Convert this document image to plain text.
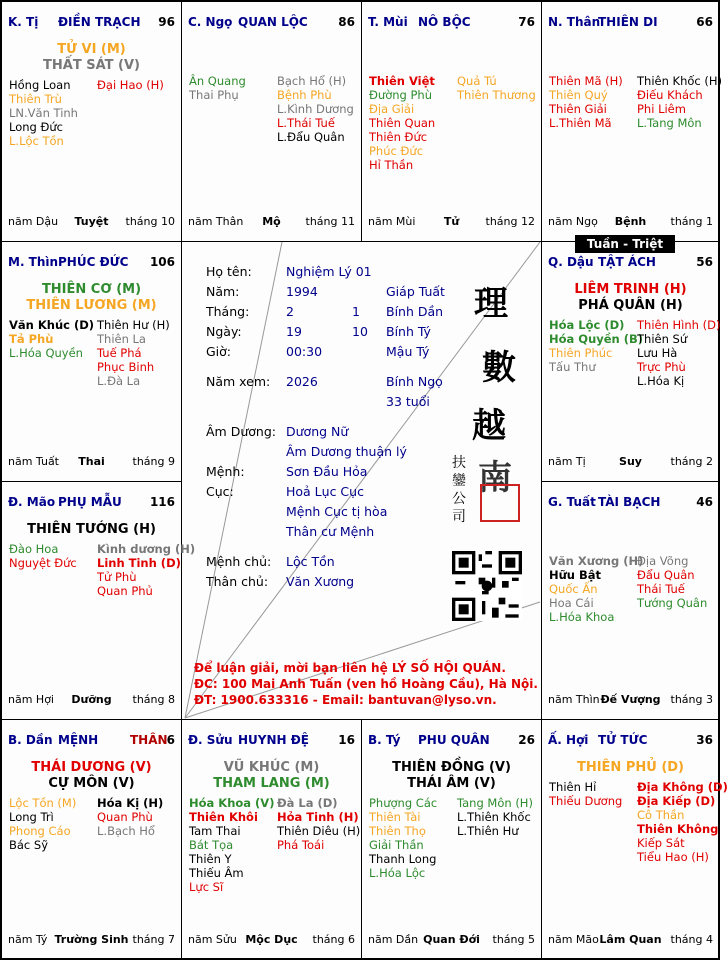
K. Tị ĐIỀN TRẠCH 96
TỬ VI (M)
THẤT SÁT (V)
Hồng Loan
Thiên Trù
LN.Văn Tinh
Long Đức
L.Lộc Tồn
Đại Hao (H)
năm Dậu	Tuyệt	tháng 10
C. Ngọ QUAN LỘC	86
Ân Quang
Thai Phụ
Bạch Hổ (H)
Bệnh Phù
L.Kình Dương
L.Thái Tuế
L.Đẩu Quân
năm Thân	Mộ	tháng 11
T. Mùi NÔ BỘC	76
Thiên Việt
Đường Phù
Địa Giải
Thiên Quan
Thiên Đức
Phúc Đức
Hỉ Thần
Quả Tú
Thiên Thương
năm Mùi	Tử	tháng 12
N. Thân
THIÊN DI	66
Thiên Mã (H)
Thiên Quý
Thiên Giải
L.Thiên Mã
Thiên Khốc (H)
Điếu Khách
Phi Liêm
L.Tang Môn
năm Ngọ	Bệnh	tháng 1
M. Thìn PHÚC ĐỨC 106
THIÊN CƠ (M)
THIÊN LƯƠNG (M)
Văn Khúc (D)
Tả Phù
L.Hóa Quyền
Thiên Hư (H)
Thiên La
Tuế Phá
Phục Binh
L.Đà La
năm Tuất	Thai	tháng 9
Q. Dậu TẬT ÁCH	56
LIÊM TRINH (H)
PHÁ QUÂN (H)
Hóa Lộc (D)
Hóa Quyền (B)
Thiên Phúc
Tấu Thư
Thiên Hình (D)
Thiên Sứ
Lưu Hà
Trực Phù
L.Hóa Kị
năm Tị	Suy	tháng 2
Đ. Mão PHỤ MẪU 116
THIÊN TƯỚNG (H)
Đào Hoa
Nguyệt Đức
Kình dương (H)
Linh Tinh (D)
Tử Phù
Quan Phủ
năm Hợi	Dưỡng	tháng 8
G. Tuất TÀI BẠCH	46
Văn Xương (H)
Hữu Bật
Quốc Ấn
Hoa Cái
L.Hóa Khoa
Địa Võng
Đẩu Quân
Thái Tuế
Tướng Quân
năm Thìn Đế Vượng tháng 3
B. Dần MỆNH	THÂN 6
THÁI DƯƠNG (V)
CỰ MÔN (V)
Lộc Tồn (M)
Long Trì
Phong Cáo
Bác Sỹ
Hóa Kị (H)
Quan Phù
L.Bạch Hổ
năm Tý Trường Sinh tháng 7
Đ. Sửu HUYNH ĐỆ 16
VŨ KHÚC (M)
THAM LANG (M)
Hóa Khoa (V)
Thiên Khôi
Tam Thai
Bát Tọa
Thiên Y
Thiếu Âm
Lực Sĩ
Đà La (D)
Hỏa Tinh (H)
Thiên Diêu (H)
Phá Toái
năm Sửu Mộc Dục	tháng 6
B. Tý PHU QUÂN 26
THIÊN ĐỒNG (V)
THÁI ÂM (V)
Phượng Các
Thiên Tài
Thiên Thọ
Giải Thần
Thanh Long
L.Hóa Lộc
Tang Môn (H)
L.Thiên Khốc
L.Thiên Hư
năm Dần Quan Đới	tháng 5
Ấ. Hợi TỬ TỨC	36
THIÊN PHỦ (D)
Thiên Hỉ
Thiếu Dương
Địa Không (D)
Địa Kiếp (D)
Cô Thần
Thiên Không
Kiếp Sát
Tiểu Hao (H)
năm Mão Lâm Quan tháng 4
Họ tên:	Nghiệm Lý 01
Năm:	1994	Giáp Tuất
Tháng:	2	1 Bính Dần
Ngày:	19	10 Bính Tý
Giờ:	00:30	Mậu Tý
Năm xem: 2026	Bính Ngọ
33 tuổi
Âm Dương: Dương Nữ
Âm Dương thuận lý
Mệnh:	Sơn Đầu Hỏa
Cục:	Hoả Lục Cục
Mệnh Cục tị hòa
Thân cư Mệnh
Mệnh chủ: Lộc Tồn
Thân chủ: Văn Xương
理
數
越
南
扶
鑾
公
司
Để luận giải, mời bạn liên hệ LÝ SỐ HỘI QUÁN.
ĐC: 100 Mai Anh Tuấn (ven hồ Hoàng Cầu), Hà Nội.
ĐT: 1900.633316 - Email: bantuvan@lyso.vn.
Tuần - Triệt
